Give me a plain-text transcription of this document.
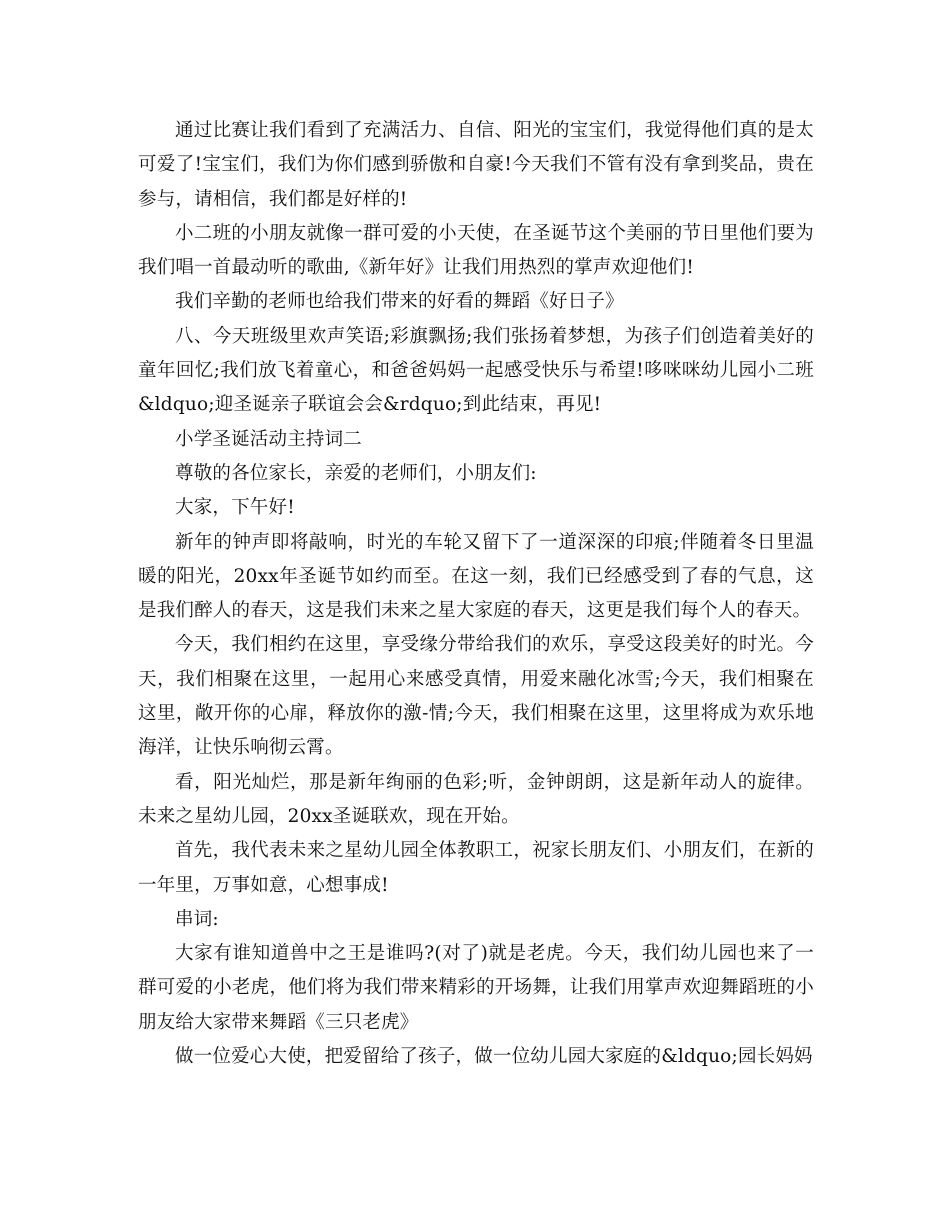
通过比赛让我们看到了充满活力、自信、阳光的宝宝们，我觉得他们真的是太可爱了!宝宝们，我们为你们感到骄傲和自豪!今天我们不管有没有拿到奖品，贵在参与，请相信，我们都是好样的!

小二班的小朋友就像一群可爱的小天使，在圣诞节这个美丽的节日里他们要为我们唱一首最动听的歌曲,《新年好》让我们用热烈的掌声欢迎他们!

我们辛勤的老师也给我们带来的好看的舞蹈《好日子》

八、今天班级里欢声笑语;彩旗飘扬;我们张扬着梦想，为孩子们创造着美好的童年回忆;我们放飞着童心，和爸爸妈妈一起感受快乐与希望!哆咪咪幼儿园小二班&ldquo;迎圣诞亲子联谊会会&rdquo;到此结束，再见!

小学圣诞活动主持词二

尊敬的各位家长，亲爱的老师们，小朋友们:

大家，下午好!

新年的钟声即将敲响，时光的车轮又留下了一道深深的印痕;伴随着冬日里温暖的阳光，20xx年圣诞节如约而至。在这一刻，我们已经感受到了春的气息，这是我们醉人的春天，这是我们未来之星大家庭的春天，这更是我们每个人的春天。

今天，我们相约在这里，享受缘分带给我们的欢乐，享受这段美好的时光。今天，我们相聚在这里，一起用心来感受真情，用爱来融化冰雪;今天，我们相聚在这里，敞开你的心扉，释放你的激-情;今天，我们相聚在这里，这里将成为欢乐地海洋，让快乐响彻云霄。

看，阳光灿烂，那是新年绚丽的色彩;听，金钟朗朗，这是新年动人的旋律。未来之星幼儿园，20xx圣诞联欢，现在开始。

首先，我代表未来之星幼儿园全体教职工，祝家长朋友们、小朋友们，在新的一年里，万事如意，心想事成!

串词:

大家有谁知道兽中之王是谁吗?(对了)就是老虎。今天，我们幼儿园也来了一群可爱的小老虎，他们将为我们带来精彩的开场舞，让我们用掌声欢迎舞蹈班的小朋友给大家带来舞蹈《三只老虎》

做一位爱心大使，把爱留给了孩子，做一位幼儿园大家庭的&ldquo;园长妈妈
